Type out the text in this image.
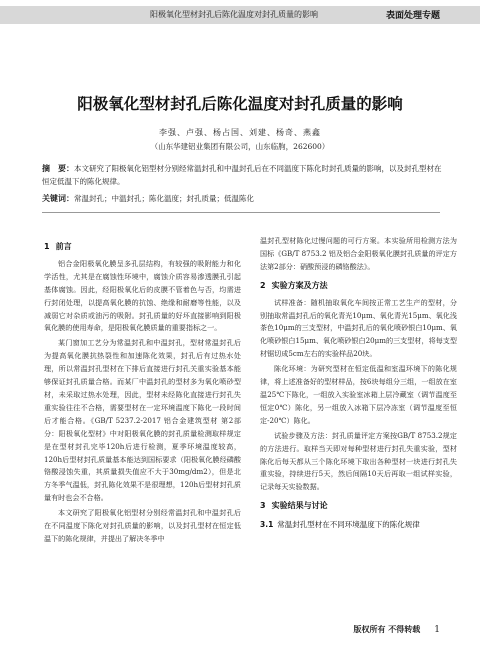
阳极氧化型材封孔后陈化温度对封孔质量的影响	表面处理专题
阳极氧化型材封孔后陈化温度对封孔质量的影响
李强、卢强、杨占国、刘建、杨奇、燕鑫
（山东华建铝业集团有限公司，山东临朐，262600）
摘　要：本文研究了阳极氧化铝型材分别经常温封孔和中温封孔后在不同温度下陈化时封孔质量的影响，以及封孔型材在恒定低温下的陈化规律。
关键词：常温封孔；中温封孔；陈化温度；封孔质量；低温陈化
1 前言

铝合金阳极氧化膜呈多孔层结构，有较强的吸附能力和化学活性，尤其是在腐蚀性环境中，腐蚀介质容易渗透膜孔引起基体腐蚀。因此，经阳极氧化后的皮膜不管着色与否，均需进行封闭处理，以提高氧化膜的抗蚀、绝缘和耐磨等性能，以及减弱它对杂质或油污的吸附。封孔质量的好坏直接影响到阳极氧化膜的使用寿命，是阳极氧化膜质量的重要指标之一。

某门窗加工艺分为常温封孔和中温封孔，型材常温封孔后为提高氧化膜抗热裂性和加速陈化效果，封孔后有过热水处理，所以常温封孔型材在下排后直接进行封孔关重实验基本能够保证封孔质量合格。而某厂中温封孔的型材多为氧化喷砂型材，未采取过热水处理，因此，型材未经陈化直接进行封孔失重实验往往不合格，需要型材在一定环境温度下陈化一段时间后才能合格。《GB/T 5237.2-2017 铝合金建筑型材 第2部分：阳极氧化型材》中对阳极氧化膜的封孔质量检测取样规定是在型材封孔完毕120h后进行检测，夏季环境温度较高，120h后型材封孔质量基本能达到国标要求（阳极氧化膜经磷酸铬酸浸蚀失重，其质量损失值应不大于30mg/dm2），但是北方冬季气温低，封孔陈化效果不是很理想，120h后型材封孔质量有时也会不合格。

本文研究了阳极氧化铝型材分别经常温封孔和中温封孔后在不同温度下陈化对封孔质量的影响，以及封孔型材在恒定低温下的陈化规律，并提出了解决冬季中

温封孔型材陈化过慢问题的可行方案。本实验所用检测方法为国标《GB/T 8753.2 铝及铝合金阳极氧化膜封孔质量的评定方法第2部分：硝酸预浸的磷铬酸法》。

2 实验方案及方法

试样准备：随机抽取氧化车间按正常工艺生产的型材，分别抽取常温封孔后的氧化青光10μm、氧化青光15μm、氧化浅茶色10μm的三支型材，中温封孔后的氧化喷砂银白10μm、氧化喷砂银白15μm、氧化喷砂银白20μm的三支型材，将每支型材锯切成5cm左右的实验样品20块。

陈化环境：为研究型材在恒定低温和室温环境下的陈化规律，将上述准备好的型材样品，按6块每组分三组，一组放在室温25℃下陈化，一组放入实验室冰箱上层冷藏室（调节温度至恒定0℃）陈化，另一组放入冰箱下层冷冻室（调节温度至恒定-20℃）陈化。

试验步骤及方法：封孔质量评定方案按GB/T 8753.2规定的方法进行。取样当天即对每种型材进行封孔失重实验，型材陈化后每天都从三个陈化环境下取出各种型材一块进行封孔失重实验，持续进行5天，然后间隔10天后再取一组试样实验，记录每天实验数据。

3 实验结果与讨论
3.1 常温封孔型材在不同环境温度下的陈化规律
版权所有 不得转载 1
